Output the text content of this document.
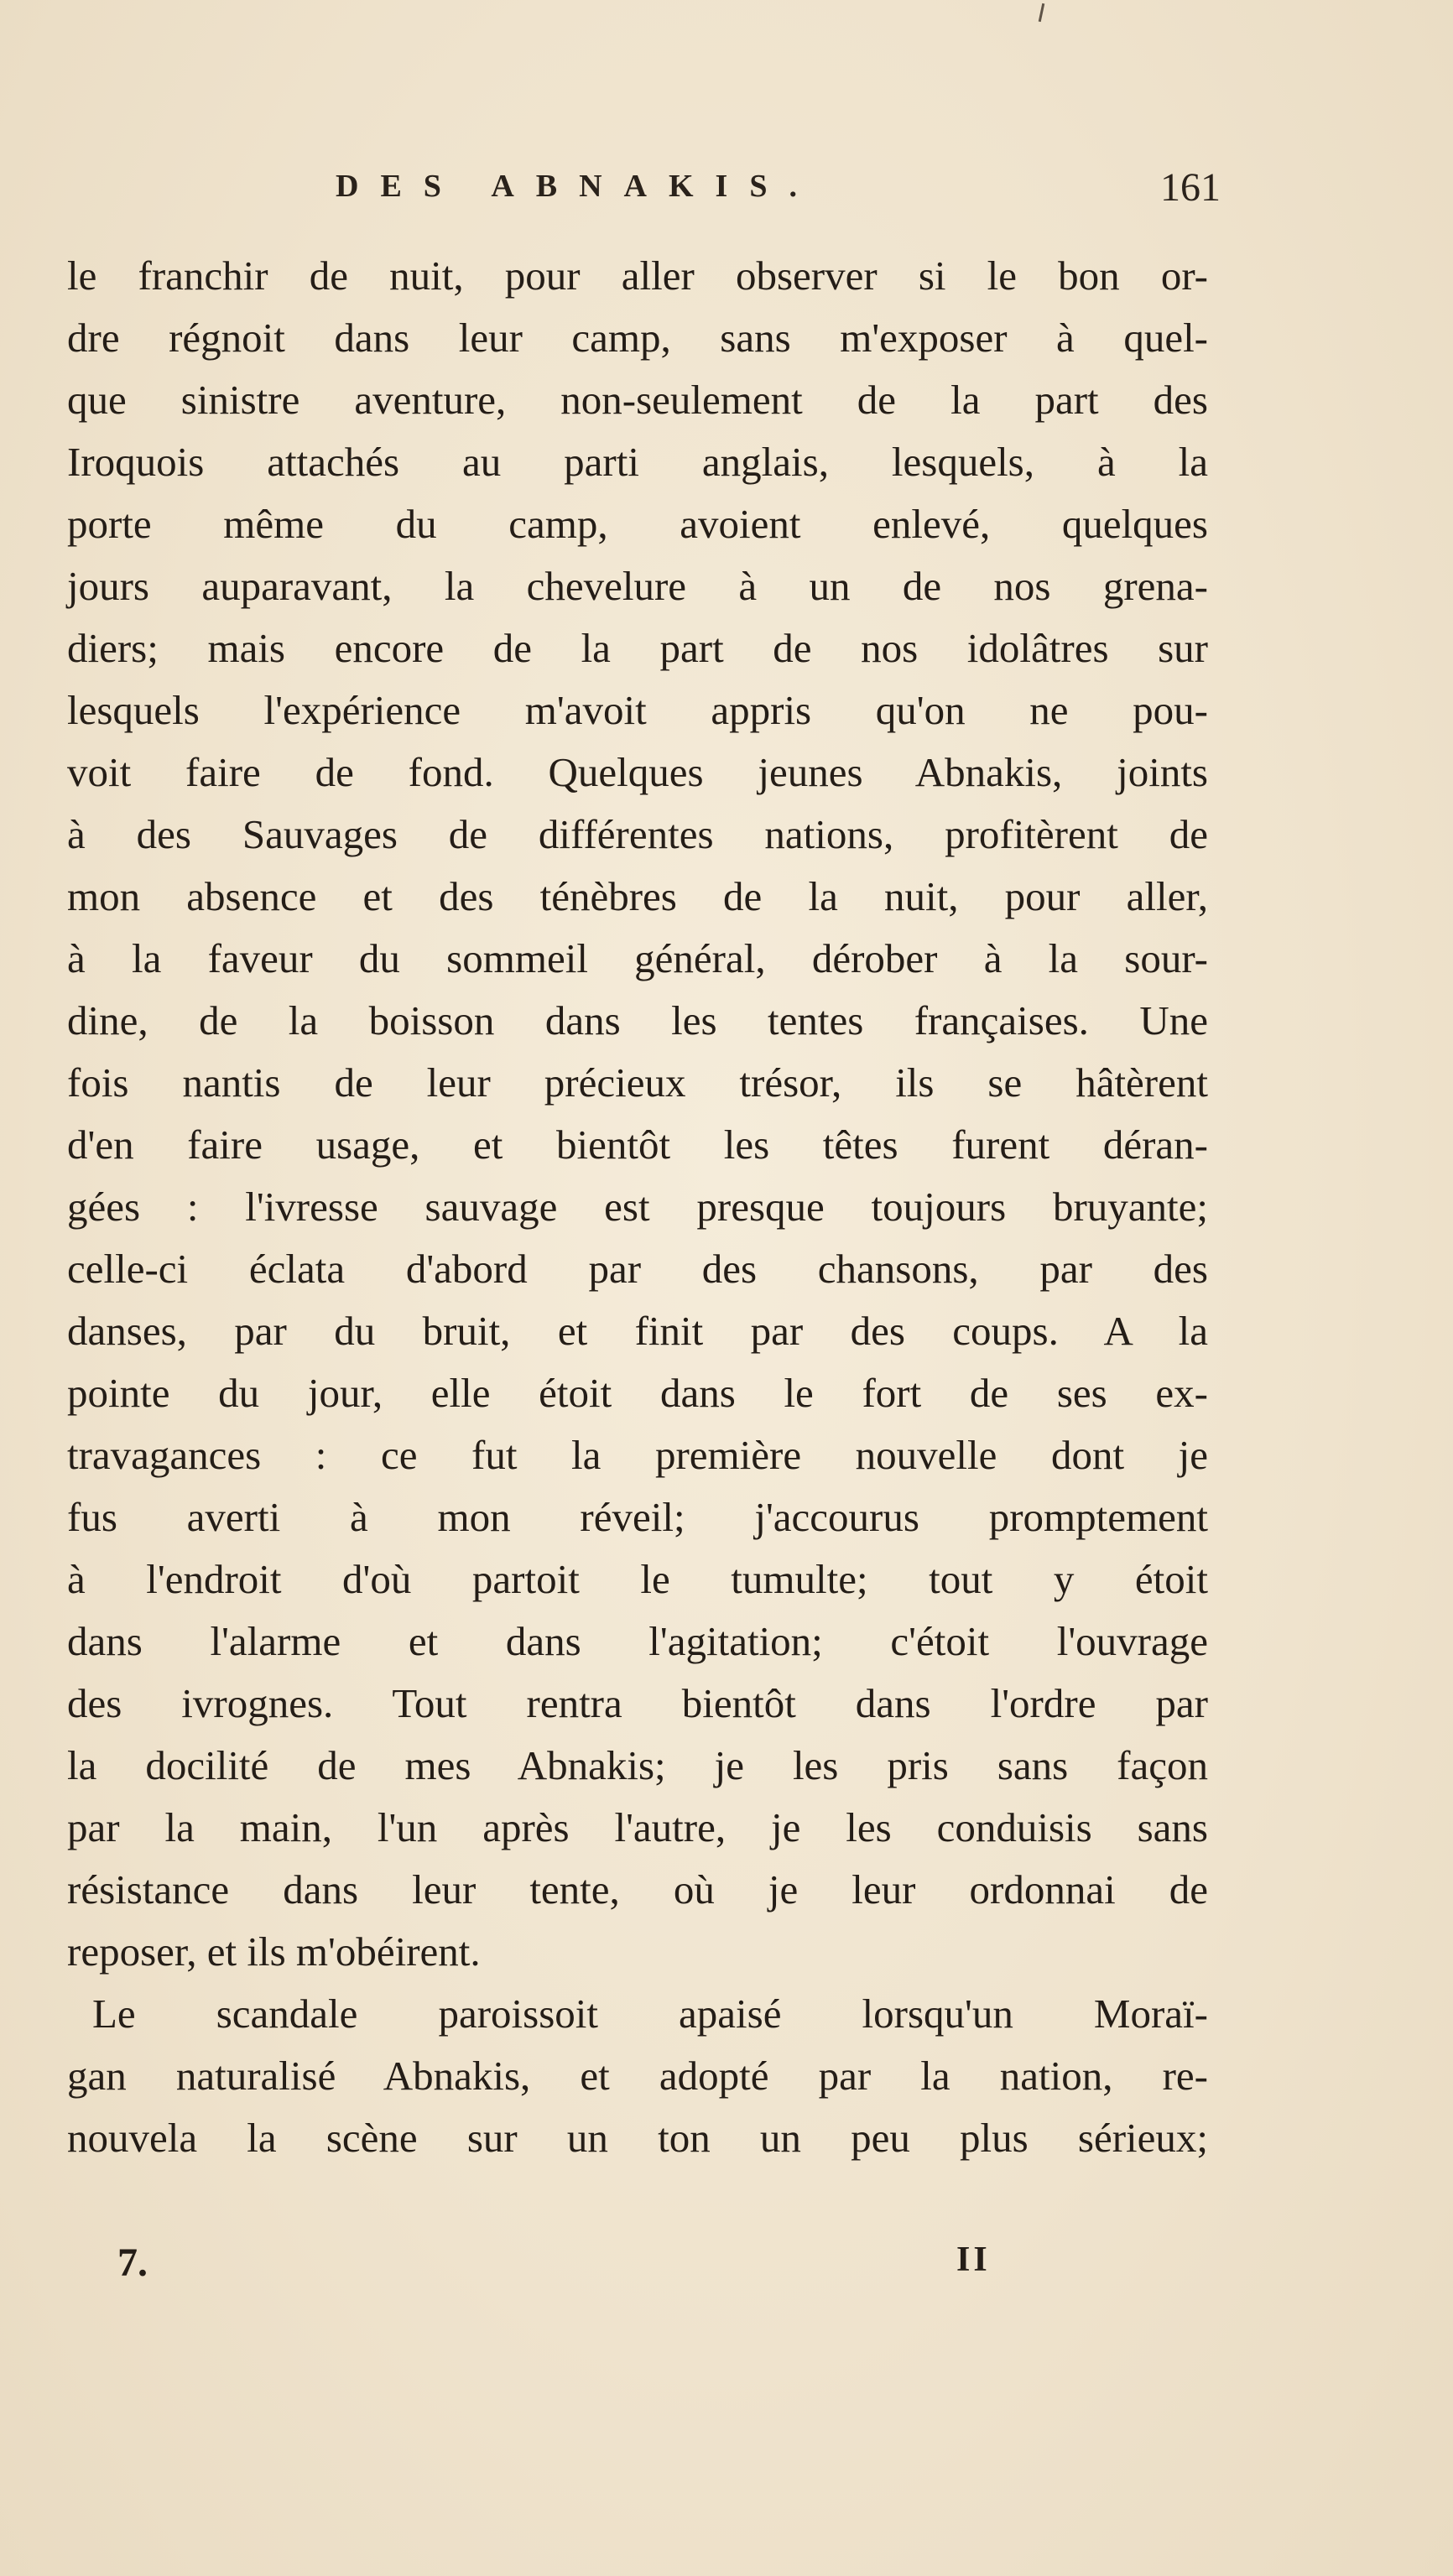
DES ABNAKIS.	161
le franchir de nuit, pour aller observer si le bon or-
dre régnoit dans leur camp, sans m'exposer à quel-
que sinistre aventure, non-seulement de la part des
Iroquois attachés au parti anglais, lesquels, à la
porte même du camp, avoient enlevé, quelques
jours auparavant, la chevelure à un de nos grena-
diers; mais encore de la part de nos idolâtres sur
lesquels l'expérience m'avoit appris qu'on ne pou-
voit faire de fond. Quelques jeunes Abnakis, joints
à des Sauvages de différentes nations, profitèrent de
mon absence et des ténèbres de la nuit, pour aller,
à la faveur du sommeil général, dérober à la sour-
dine, de la boisson dans les tentes françaises. Une
fois nantis de leur précieux trésor, ils se hâtèrent
d'en faire usage, et bientôt les têtes furent déran-
gées : l'ivresse sauvage est presque toujours bruyante;
celle-ci éclata d'abord par des chansons, par des
danses, par du bruit, et finit par des coups. A la
pointe du jour, elle étoit dans le fort de ses ex-
travagances : ce fut la première nouvelle dont je
fus averti à mon réveil; j'accourus promptement
à l'endroit d'où partoit le tumulte; tout y étoit
dans l'alarme et dans l'agitation; c'étoit l'ouvrage
des ivrognes. Tout rentra bientôt dans l'ordre par
la docilité de mes Abnakis; je les pris sans façon
par la main, l'un après l'autre, je les conduisis sans
résistance dans leur tente, où je leur ordonnai de
reposer, et ils m'obéirent.
Le scandale paroissoit apaisé lorsqu'un Moraï-
gan naturalisé Abnakis, et adopté par la nation, re-
nouvela la scène sur un ton un peu plus sérieux;
7.	II
